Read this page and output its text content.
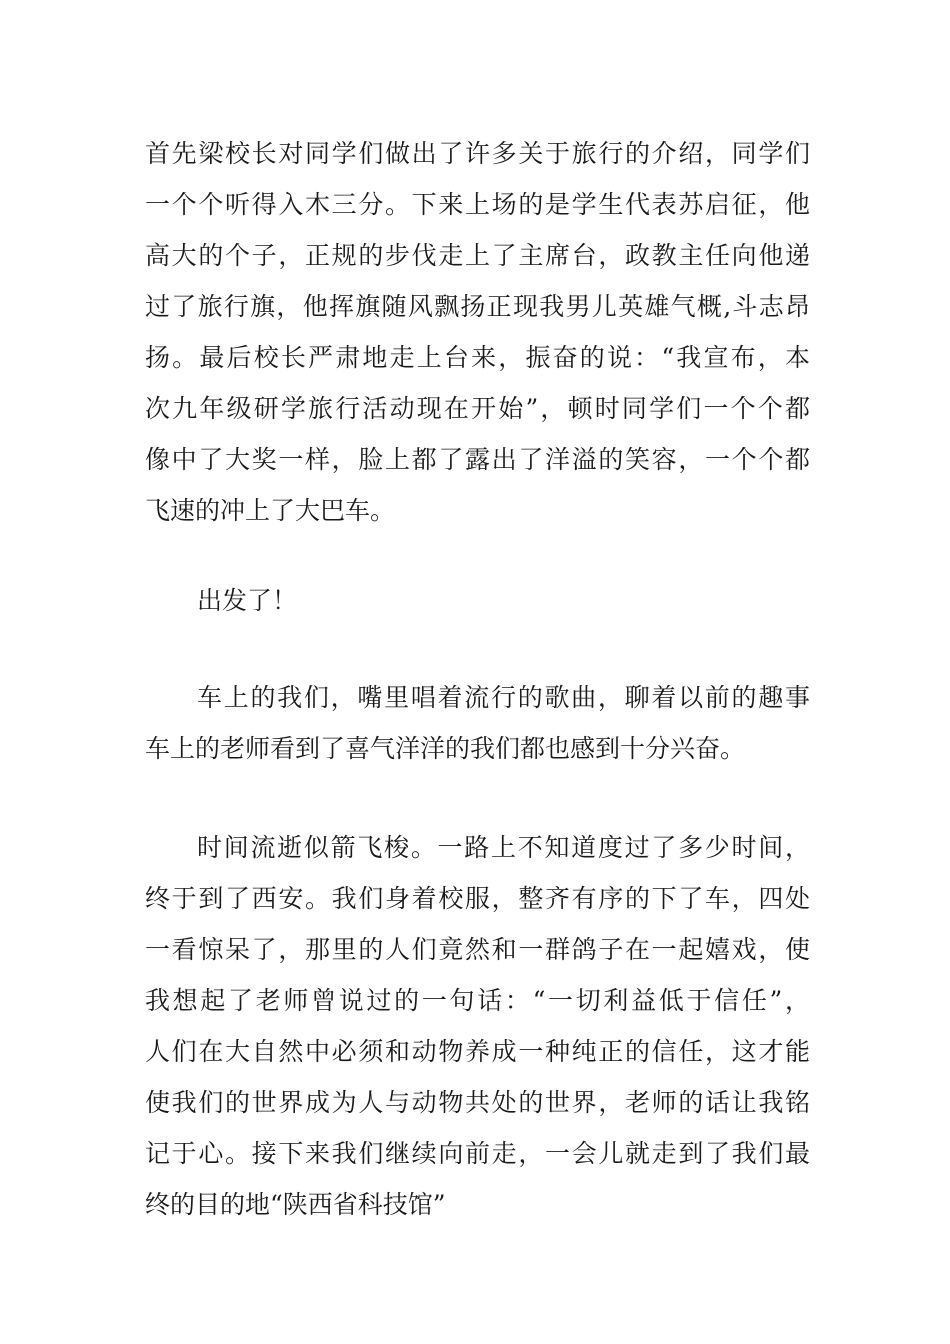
首先梁校长对同学们做出了许多关于旅行的介绍，同学们
一个个听得入木三分。下来上场的是学生代表苏启征，他
高大的个子，正规的步伐走上了主席台，政教主任向他递
过了旅行旗，他挥旗随风飘扬正现我男儿英雄气概,斗志昂
扬。最后校长严肃地走上台来，振奋的说：“我宣布，本
次九年级研学旅行活动现在开始”，顿时同学们一个个都
像中了大奖一样，脸上都了露出了洋溢的笑容，一个个都
飞速的冲上了大巴车。
出发了！
车上的我们，嘴里唱着流行的歌曲，聊着以前的趣事
车上的老师看到了喜气洋洋的我们都也感到十分兴奋。
时间流逝似箭飞梭。一路上不知道度过了多少时间，
终于到了西安。我们身着校服，整齐有序的下了车，四处
一看惊呆了，那里的人们竟然和一群鸽子在一起嬉戏，使
我想起了老师曾说过的一句话：“一切利益低于信任”，
人们在大自然中必须和动物养成一种纯正的信任，这才能
使我们的世界成为人与动物共处的世界，老师的话让我铭
记于心。接下来我们继续向前走，一会儿就走到了我们最
终的目的地“陕西省科技馆”
